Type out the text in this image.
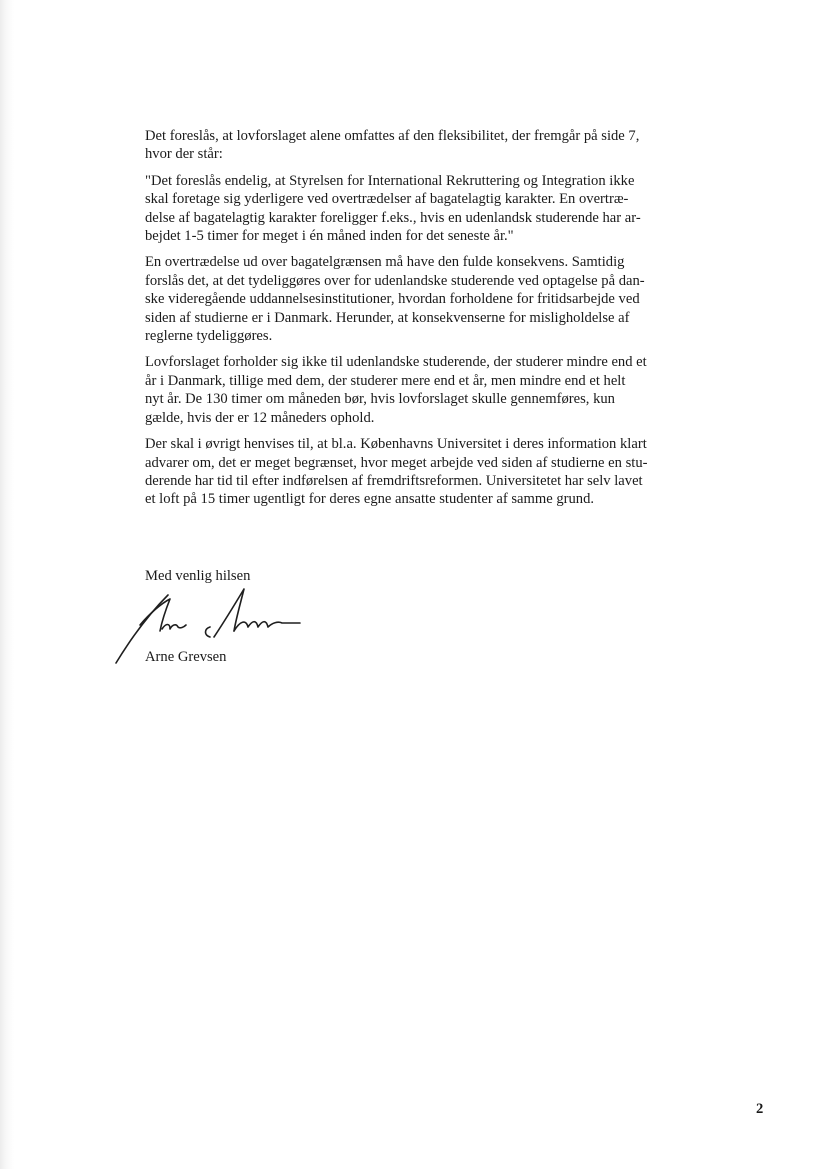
Det foreslås, at lovforslaget alene omfattes af den fleksibilitet, der fremgår på side 7,
hvor der står:

"Det foreslås endelig, at Styrelsen for International Rekruttering og Integration ikke
skal foretage sig yderligere ved overtrædelser af bagatelagtig karakter. En overtræ-
delse af bagatelagtig karakter foreligger f.eks., hvis en udenlandsk studerende har ar-
bejdet 1-5 timer for meget i én måned inden for det seneste år."

En overtrædelse ud over bagatelgrænsen må have den fulde konsekvens. Samtidig
forslås det, at det tydeliggøres over for udenlandske studerende ved optagelse på dan-
ske videregående uddannelsesinstitutioner, hvordan forholdene for fritidsarbejde ved
siden af studierne er i Danmark. Herunder, at konsekvenserne for misligholdelse af
reglerne tydeliggøres.

Lovforslaget forholder sig ikke til udenlandske studerende, der studerer mindre end et
år i Danmark, tillige med dem, der studerer mere end et år, men mindre end et helt
nyt år. De 130 timer om måneden bør, hvis lovforslaget skulle gennemføres, kun
gælde, hvis der er 12 måneders ophold.

Der skal i øvrigt henvises til, at bl.a. Københavns Universitet i deres information klart
advarer om, det er meget begrænset, hvor meget arbejde ved siden af studierne en stu-
derende har tid til efter indførelsen af fremdriftsreformen. Universitetet har selv lavet
et loft på 15 timer ugentligt for deres egne ansatte studenter af samme grund.

Med venlig hilsen
Arne Grevsen
2
